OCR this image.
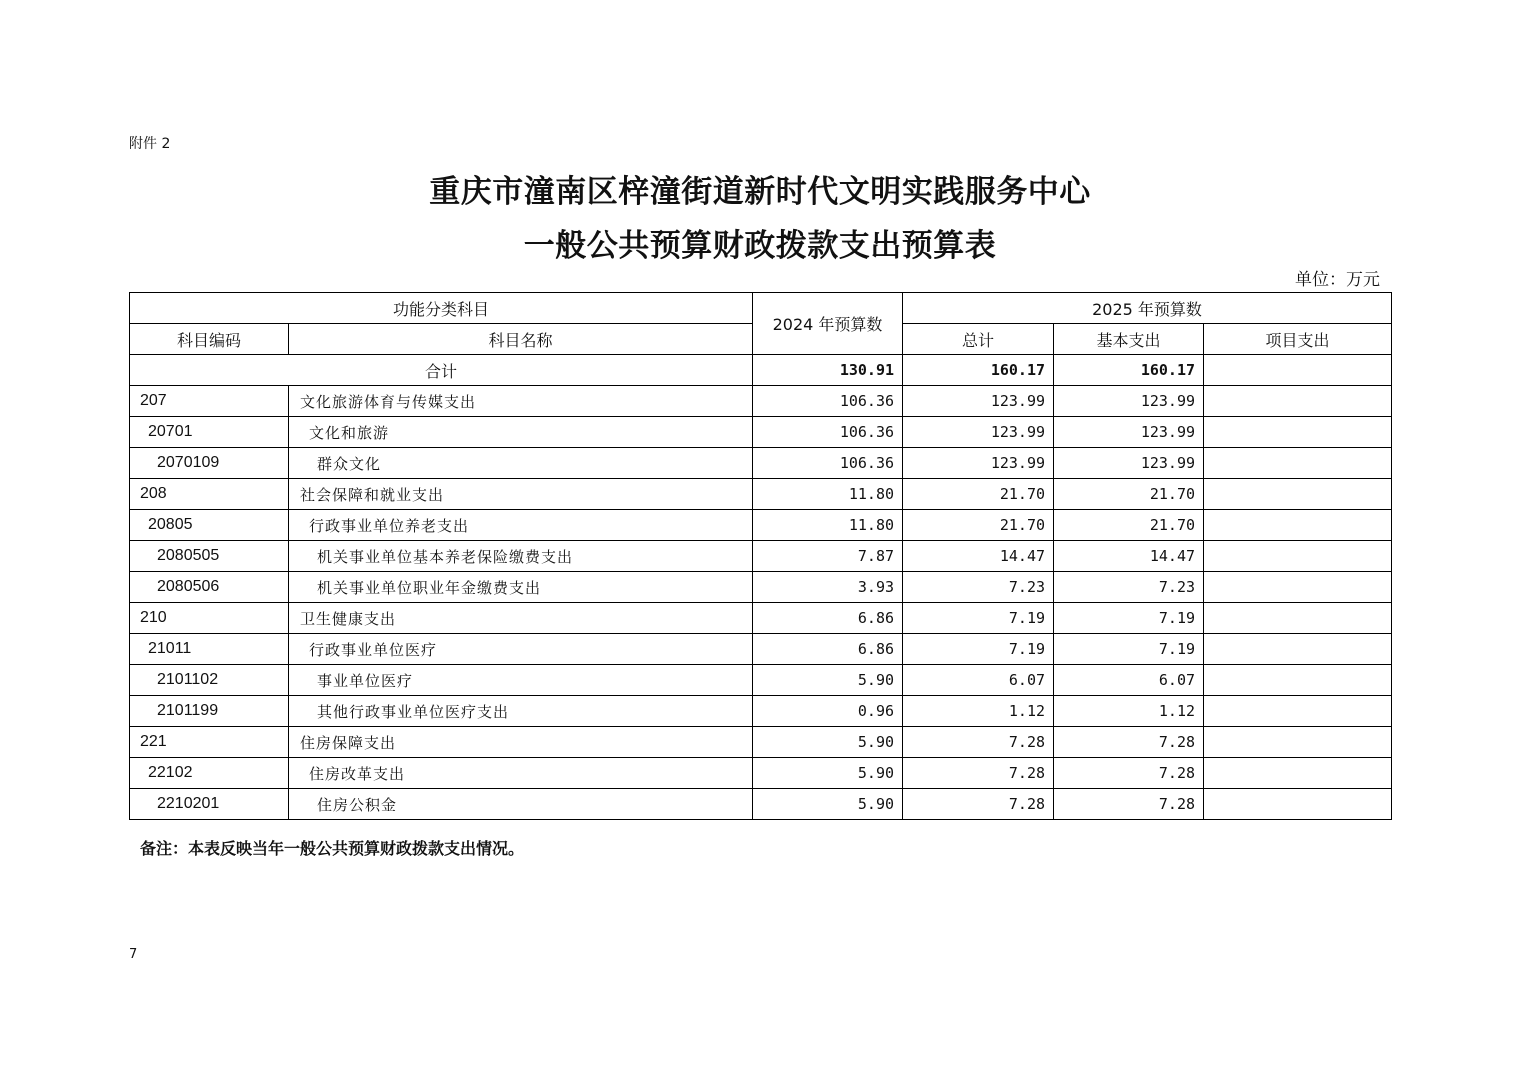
附件 2
重庆市潼南区梓潼街道新时代文明实践服务中心
一般公共预算财政拨款支出预算表
单位：万元
功能分类科目		2024 年预算数	2025 年预算数		
科目编码	科目名称		总计	基本支出	项目支出
合计		130.91	160.17	160.17	
207	文化旅游体育与传媒支出	106.36	123.99	123.99	
20701	文化和旅游	106.36	123.99	123.99	
2070109	群众文化	106.36	123.99	123.99	
208	社会保障和就业支出	11.80	21.70	21.70	
20805	行政事业单位养老支出	11.80	21.70	21.70	
2080505	机关事业单位基本养老保险缴费支出	7.87	14.47	14.47	
2080506	机关事业单位职业年金缴费支出	3.93	7.23	7.23	
210	卫生健康支出	6.86	7.19	7.19	
21011	行政事业单位医疗	6.86	7.19	7.19	
2101102	事业单位医疗	5.90	6.07	6.07	
2101199	其他行政事业单位医疗支出	0.96	1.12	1.12	
221	住房保障支出	5.90	7.28	7.28	
22102	住房改革支出	5.90	7.28	7.28	
2210201	住房公积金	5.90	7.28	7.28	
备注：本表反映当年一般公共预算财政拨款支出情况。
7
